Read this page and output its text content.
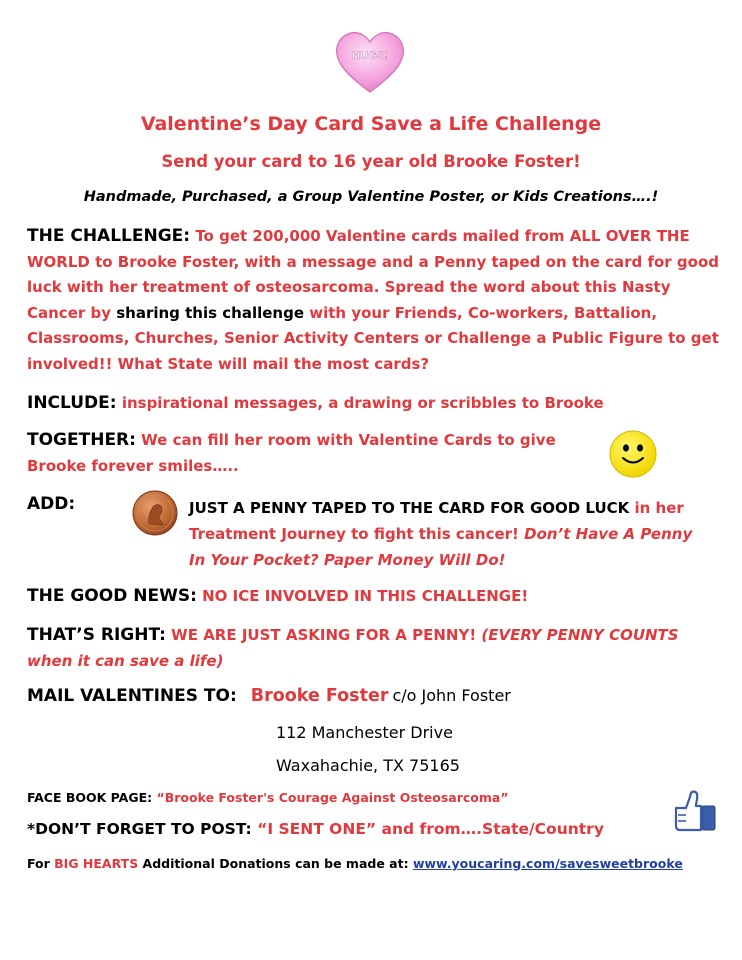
HUGS!
Valentine’s Day Card Save a Life Challenge
Send your card to 16 year old Brooke Foster!
Handmade, Purchased, a Group Valentine Poster, or Kids Creations….!
THE CHALLENGE: To get 200,000 Valentine cards mailed from ALL OVER THE WORLD to Brooke Foster, with a message and a Penny taped on the card for good luck with her treatment of osteosarcoma. Spread the word about this Nasty Cancer by sharing this challenge with your Friends, Co-workers, Battalion, Classrooms, Churches, Senior Activity Centers or Challenge a Public Figure to get involved!! What State will mail the most cards?
INCLUDE: inspirational messages, a drawing or scribbles to Brooke
TOGETHER: We can fill her room with Valentine Cards to give Brooke forever smiles…..
ADD:	JUST A PENNY TAPED TO THE CARD FOR GOOD LUCK in her Treatment Journey to fight this cancer! Don’t Have A Penny In Your Pocket? Paper Money Will Do!
THE GOOD NEWS: NO ICE INVOLVED IN THIS CHALLENGE!
THAT’S RIGHT: WE ARE JUST ASKING FOR A PENNY! (EVERY PENNY COUNTS when it can save a life)
MAIL VALENTINES TO: Brooke Foster c/o John Foster
112 Manchester Drive
Waxahachie, TX 75165
FACE BOOK PAGE: “Brooke Foster's Courage Against Osteosarcoma”
*DON’T FORGET TO POST: “I SENT ONE” and from….State/Country
For BIG HEARTS Additional Donations can be made at: www.youcaring.com/savesweetbrooke
